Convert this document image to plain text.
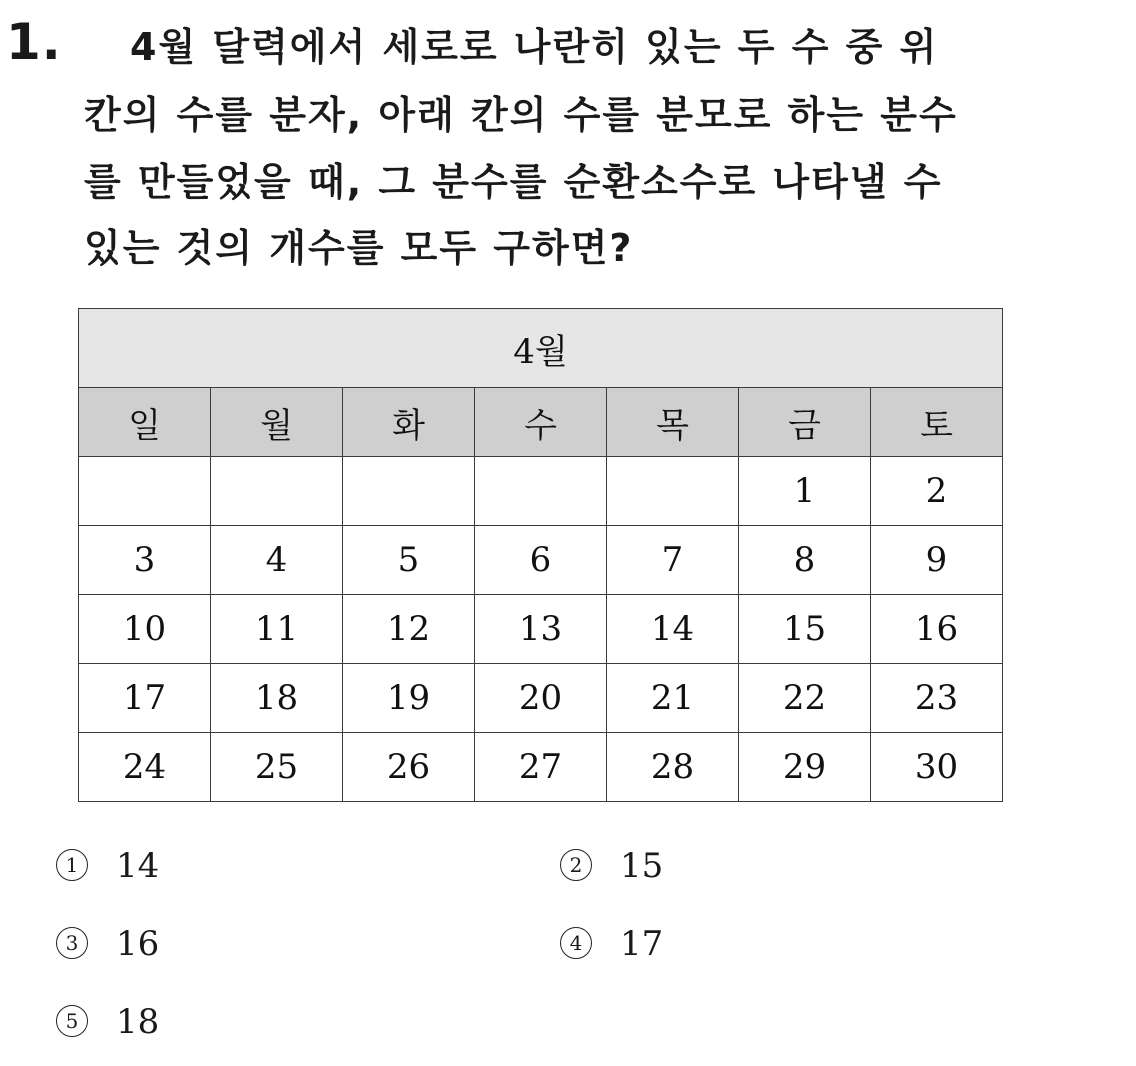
1. 4월 달력에서 세로로 나란히 있는 두 수 중 위
칸의 수를 분자, 아래 칸의 수를 분모로 하는 분수
를 만들었을 때, 그 분수를 순환소수로 나타낼 수
있는 것의 개수를 모두 구하면?
4월						
일	월	화	수	목	금	토
					1	2
3	4	5	6	7	8	9
10	11	12	13	14	15	16
17	18	19	20	21	22	23
24	25	26	27	28	29	30
1 14	2 15
3 16	4 17
5 18
